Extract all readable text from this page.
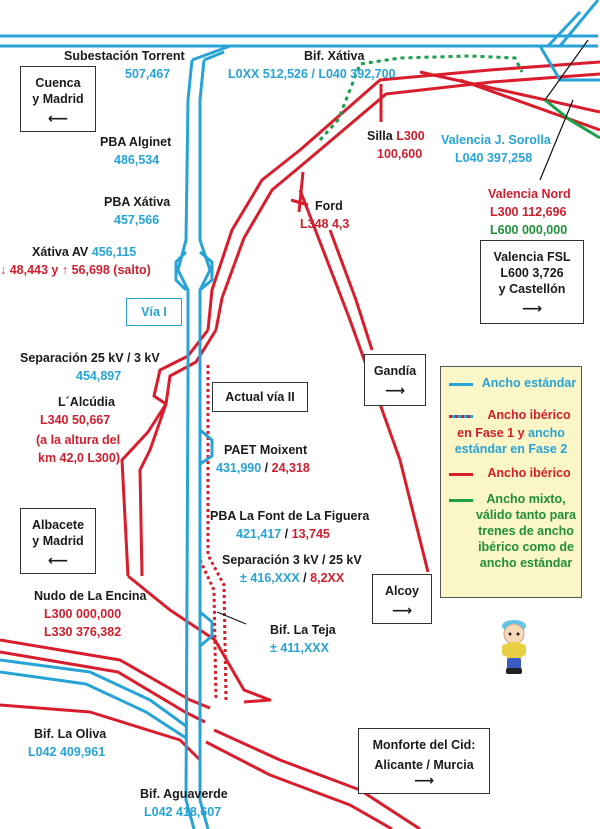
Subestación Torrent
507,467
Bif. Xátiva
L0XX 512,526 / L040 392,700
PBA Alginet
486,534
PBA Xátiva
457,566
Xátiva AV 456,115
↓ 48,443 y ↑ 56,698 (salto)
Silla L300
100,600
Ford
L348 4,3
Valencia J. Sorolla
L040 397,258
Valencia Nord
L300 112,696
L600 000,000
Separación 25 kV / 3 kV
454,897
L´Alcúdia
L340 50,667
(a la altura del
km 42,0 L300)
Actual vía II
Vía I
PAET Moixent
431,990 / 24,318
PBA La Font de La Figuera
421,417 / 13,745
Separación 3 kV / 25 kV
± 416,XXX / 8,2XX
Nudo de La Encina
L300 000,000
L330 376,382	Bif. La Teja
± 411,XXX
Bif. La Oliva
L042 409,961
Bif. Aguaverde
L042 418,607
Cuenca
y Madrid
⟵
Albacete
y Madrid
⟵
Valencia FSL
L600 3,726
y Castellón
⟶
Gandía
⟶
Alcoy
⟶
Monforte del Cid:
Alicante / Murcia
⟶
Ancho estándar
Ancho ibérico
en Fase 1 y ancho
estándar en Fase 2
Ancho ibérico
Ancho mixto, válido tanto para trenes de ancho ibérico como de ancho estándar
